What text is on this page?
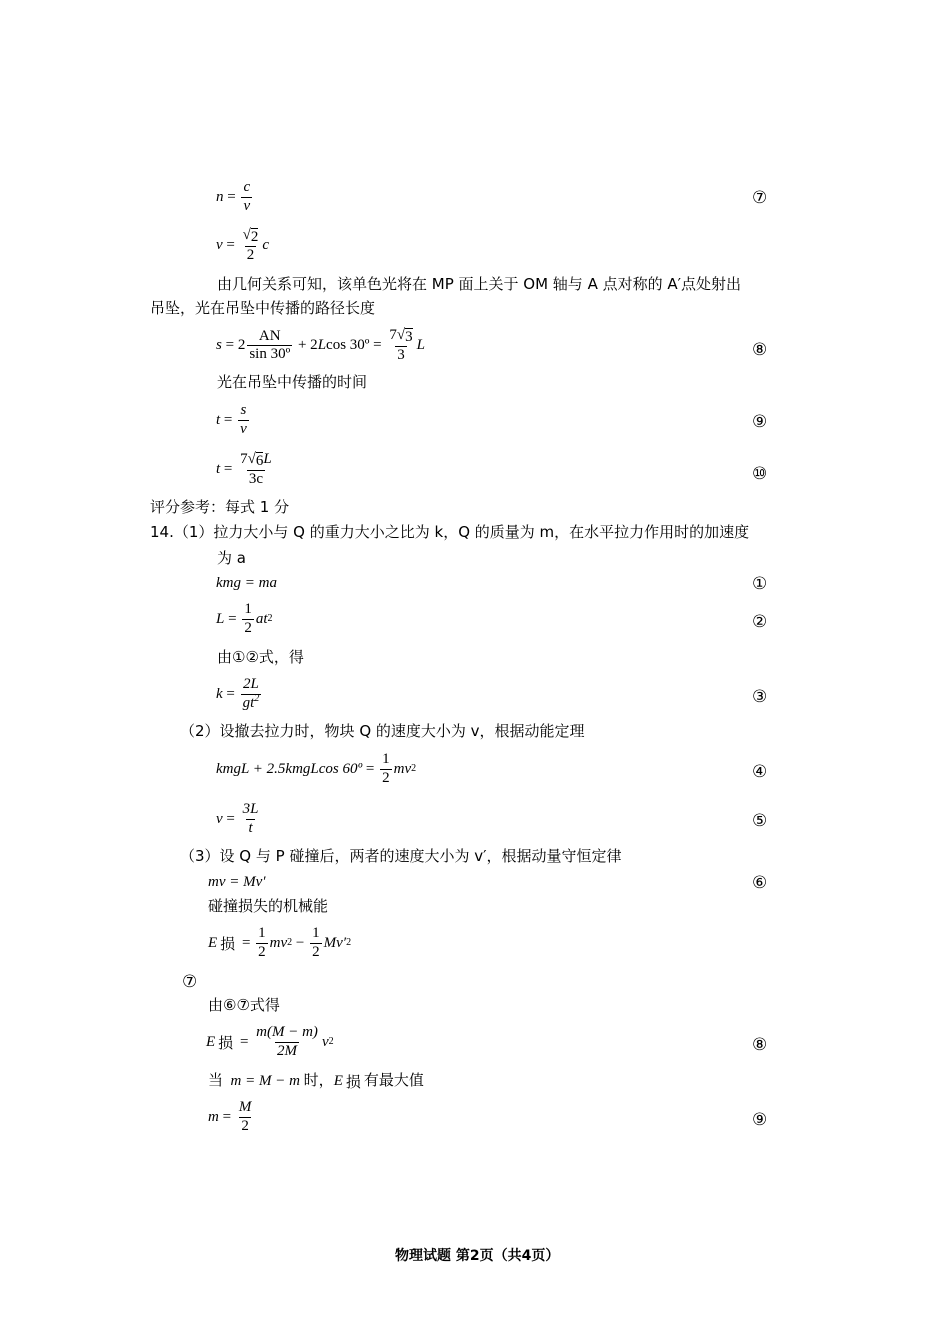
$n = \frac{c}{v}$	⑦
$v = \frac{√ 2}{2}$ c
由几何关系可知，该单色光将在 MP 面上关于 OM 轴与 A 点对称的 A′点处射出
吊坠，光在吊坠中传播的路径长度
$s = 2 \frac{AN}{\text{sin 30º}}$
+ 2 L cos 30º =
$\frac{7 √ 3}{3}$ L	⑧
光在吊坠中传播的时间
$t = \frac{s}{v}$	⑨
$t = \frac{7 √ 6 L}{3c}$	⑩
评分参考：每式 1 分
14.（1）拉力大小与 Q 的重力大小之比为 k，Q 的质量为 m，在水平拉力作用时的加速度
为 a
kmg = ma	①
$L = \frac{1}{2}$ at 2	②
由①②式，得
$k = \frac{2L}{gt^2}$	③
（2）设撤去拉力时，物块 Q 的速度大小为 v，根据动能定理
kmgL + 2.5kmgLcos 60º = $\frac{1}{2}$ mv 2	④
$v = \frac{3L}{t}$	⑤
（3）设 Q 与 P 碰撞后，两者的速度大小为 v′，根据动量守恒定律
mv = Mv′	⑥
碰撞损失的机械能
E 损 = $\frac{1}{2}$ mv 2
−
$\frac{1}{2} Mv'$ 2
⑦
由⑥⑦式得
E 损 = $\frac{m(M - m)}{2M}$ v 2	⑧
当 m = M − m 时，E 损 有最大值
$m = \frac{M}{2}$	⑨
物理试题 第2页（共4页）
